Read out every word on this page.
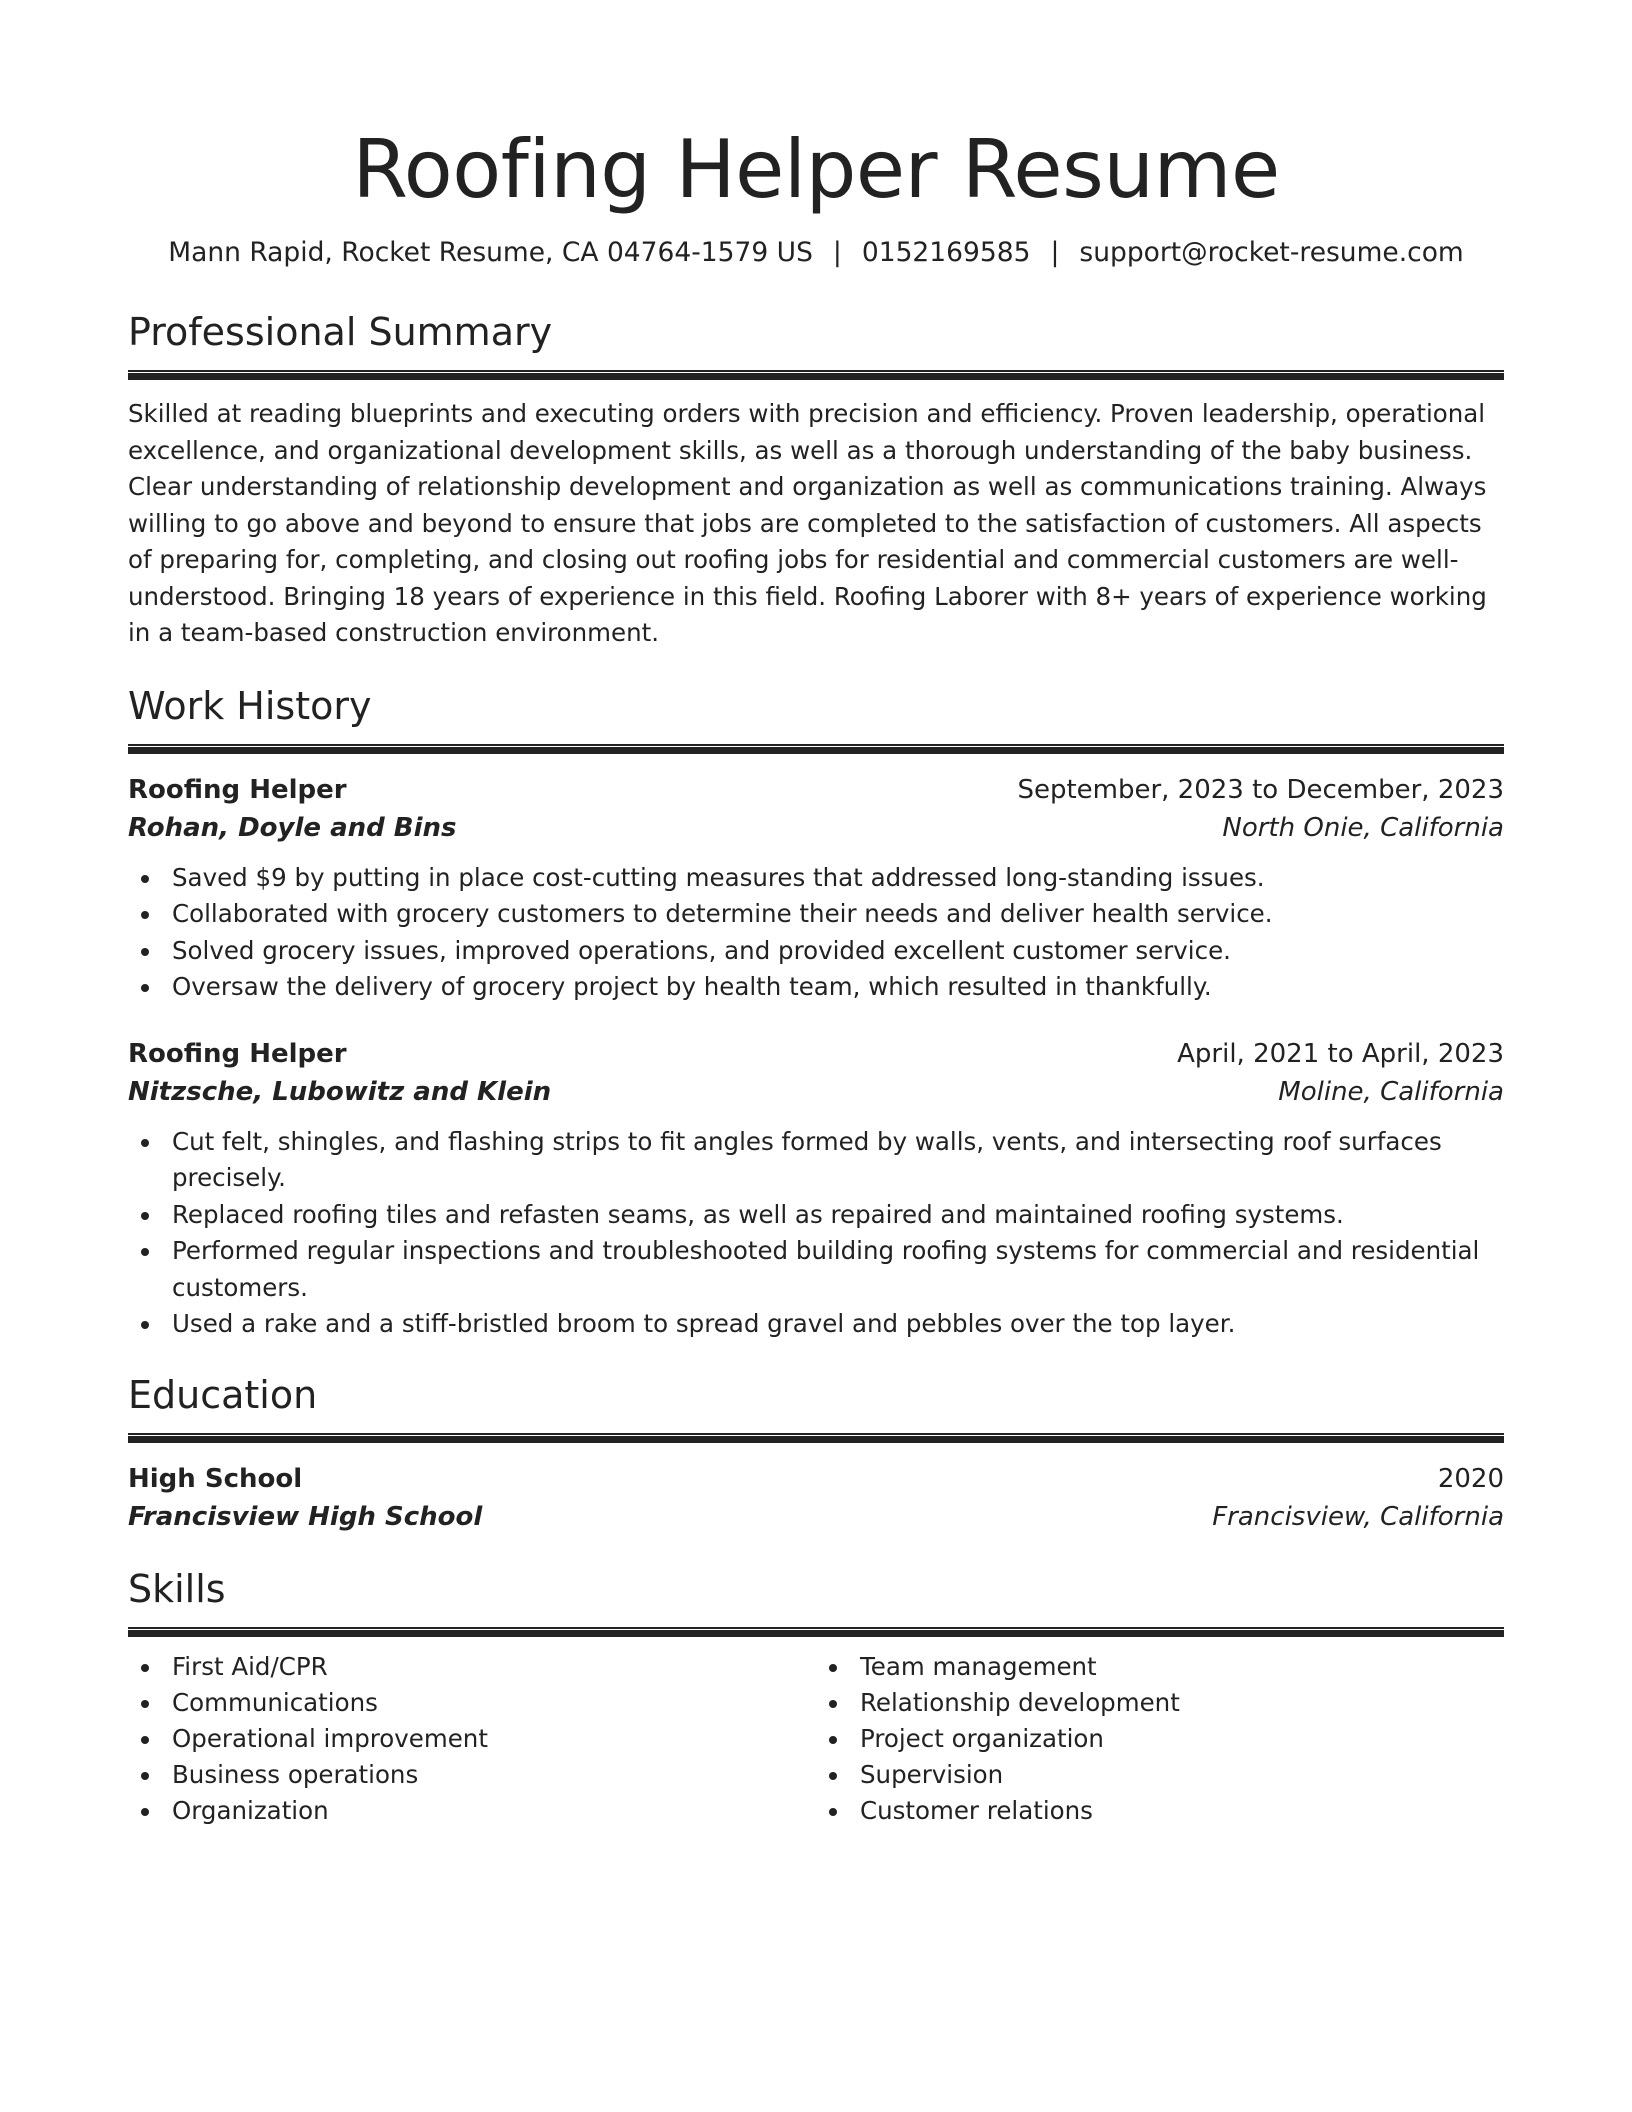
Roofing Helper Resume
Mann Rapid, Rocket Resume, CA 04764-1579 US | 0152169585 | support@rocket-resume.com
Professional Summary

Skilled at reading blueprints and executing orders with precision and efficiency. Proven leadership, operational excellence, and organizational development skills, as well as a thorough understanding of the baby business. Clear understanding of relationship development and organization as well as communications training. Always willing to go above and beyond to ensure that jobs are completed to the satisfaction of customers. All aspects of preparing for, completing, and closing out roofing jobs for residential and commercial customers are well-understood. Bringing 18 years of experience in this field. Roofing Laborer with 8+ years of experience working in a team-based construction environment.

Work History
Roofing Helper	September, 2023 to December, 2023
Rohan, Doyle and Bins	North Onie, California
Saved $9 by putting in place cost-cutting measures that addressed long-standing issues.
Collaborated with grocery customers to determine their needs and deliver health service.
Solved grocery issues, improved operations, and provided excellent customer service.
Oversaw the delivery of grocery project by health team, which resulted in thankfully.
Roofing Helper	April, 2021 to April, 2023
Nitzsche, Lubowitz and Klein	Moline, California
Cut felt, shingles, and flashing strips to fit angles formed by walls, vents, and intersecting roof surfaces precisely.
Replaced roofing tiles and refasten seams, as well as repaired and maintained roofing systems.
Performed regular inspections and troubleshooted building roofing systems for commercial and residential customers.
Used a rake and a stiff-bristled broom to spread gravel and pebbles over the top layer.
Education
High School	2020
Francisview High School	Francisview, California
Skills
First Aid/CPR
Communications
Operational improvement
Business operations
Organization
Team management
Relationship development
Project organization
Supervision
Customer relations
